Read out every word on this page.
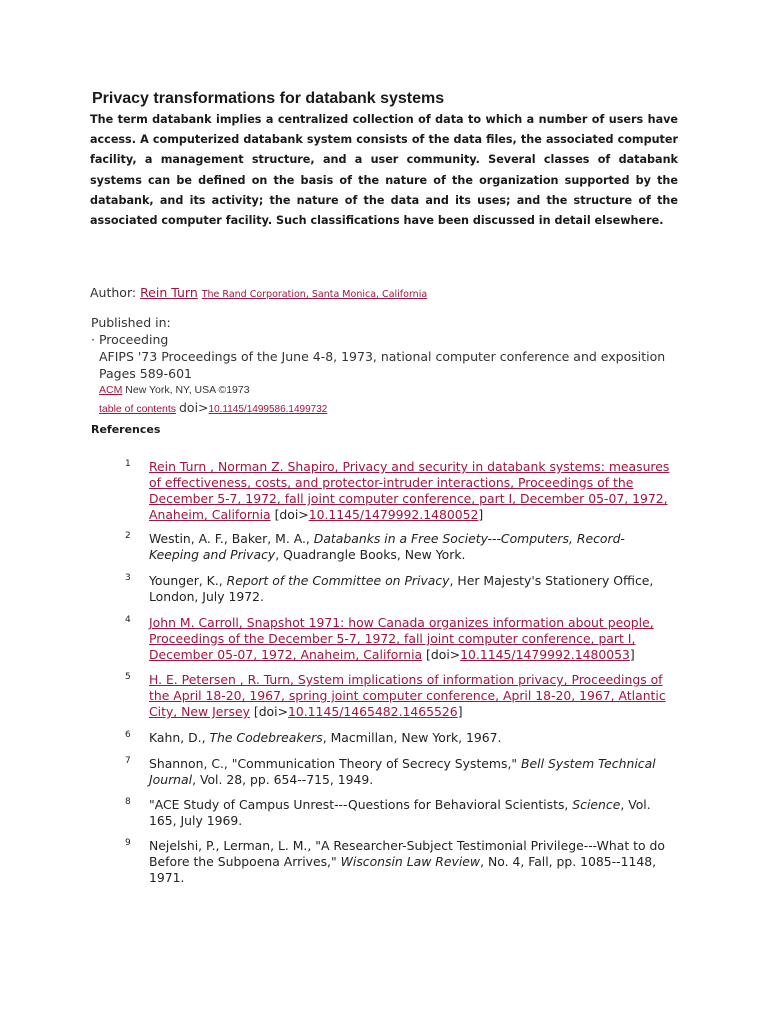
Privacy transformations for databank systems
The term databank implies a centralized collection of data to which a number of users have access. A computerized databank system consists of the data files, the associated computer facility, a management structure, and a user community. Several classes of databank systems can be defined on the basis of the nature of the organization supported by the databank, and its activity; the nature of the data and its uses; and the structure of the associated computer facility. Such classifications have been discussed in detail elsewhere.
Author: Rein Turn The Rand Corporation, Santa Monica, California
Published in:
· Proceeding
AFIPS '73 Proceedings of the June 4-8, 1973, national computer conference and exposition
Pages 589-601
ACM New York, NY, USA ©1973
table of contents doi>10.1145/1499586.1499732
References
1 Rein Turn , Norman Z. Shapiro, Privacy and security in databank systems: measures of effectiveness, costs, and protector-intruder interactions, Proceedings of the December 5-7, 1972, fall joint computer conference, part I, December 05-07, 1972, Anaheim, California [doi>10.1145/1479992.1480052]
2 Westin, A. F., Baker, M. A., Databanks in a Free Society---Computers, Record-Keeping and Privacy, Quadrangle Books, New York.
3 Younger, K., Report of the Committee on Privacy, Her Majesty's Stationery Office, London, July 1972.
4 John M. Carroll, Snapshot 1971: how Canada organizes information about people, Proceedings of the December 5-7, 1972, fall joint computer conference, part I, December 05-07, 1972, Anaheim, California [doi>10.1145/1479992.1480053]
5 H. E. Petersen , R. Turn, System implications of information privacy, Proceedings of the April 18-20, 1967, spring joint computer conference, April 18-20, 1967, Atlantic City, New Jersey [doi>10.1145/1465482.1465526]
6 Kahn, D., The Codebreakers, Macmillan, New York, 1967.
7 Shannon, C., "Communication Theory of Secrecy Systems," Bell System Technical Journal, Vol. 28, pp. 654--715, 1949.
8 "ACE Study of Campus Unrest---Questions for Behavioral Scientists, Science, Vol. 165, July 1969.
9 Nejelshi, P., Lerman, L. M., "A Researcher-Subject Testimonial Privilege---What to do Before the Subpoena Arrives," Wisconsin Law Review, No. 4, Fall, pp. 1085--1148, 1971.
